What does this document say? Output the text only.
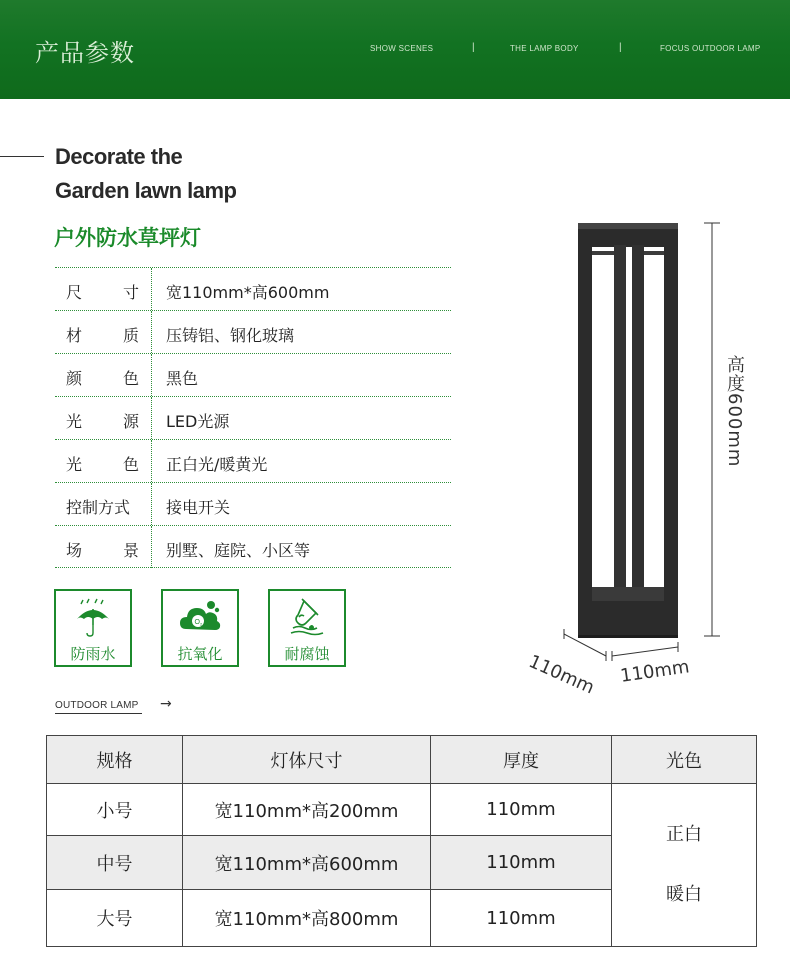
产品参数	SHOW SCENES	|	THE LAMP BODY	|	FOCUS OUTDOOR LAMP
Decorate the
Garden lawn lamp
户外防水草坪灯
尺	寸 宽110mm*高600mm
材	质 压铸铝、钢化玻璃
颜	色 黑色
光	源 LED光源
光	色 正白光/暖黄光
控制方式 接电开关
场	景 别墅、庭院、小区等
防雨水
O 2
抗氧化	耐腐蚀
OUTDOOR LAMP →
高度600mm
110mm 110mm
规格	灯体尺寸	厚度	光色
小号	宽110mm*高200mm	110mm	正白
暖白

中号	宽110mm*高600mm	110mm	
大号	宽110mm*高800mm	110mm	
